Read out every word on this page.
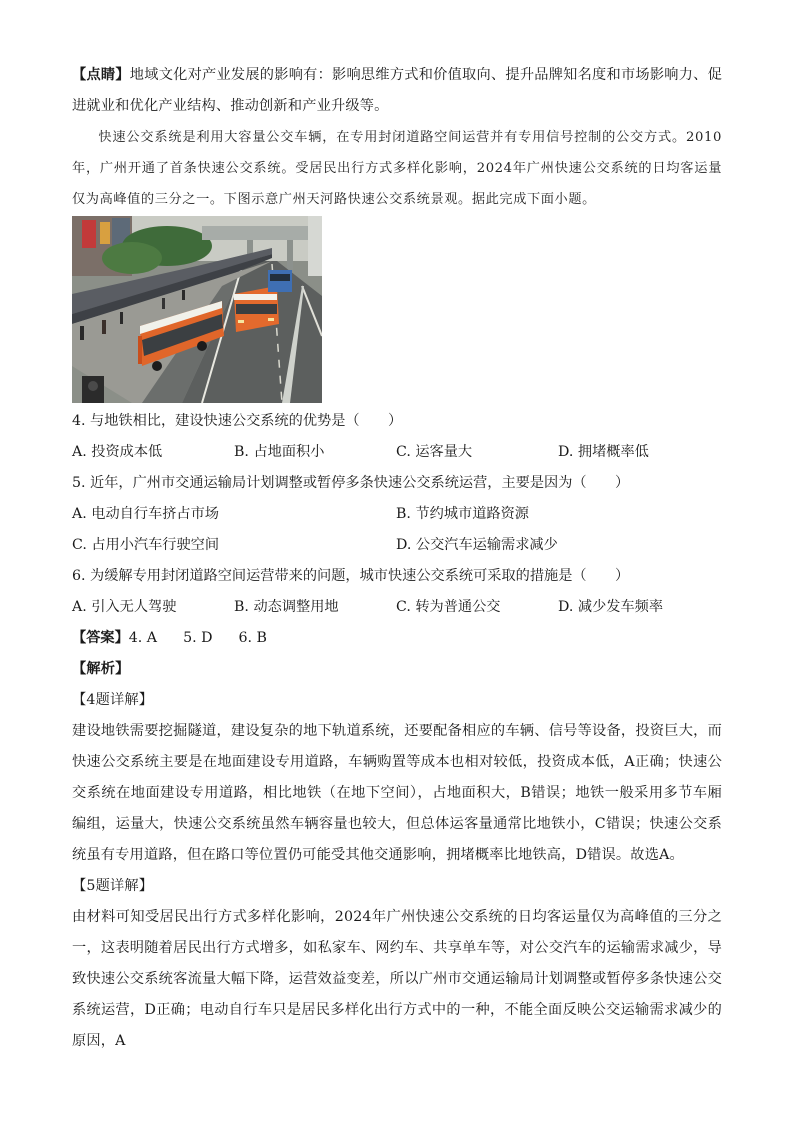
【点睛】地域文化对产业发展的影响有：影响思维方式和价值取向、提升品牌知名度和市场影响力、促进就业和优化产业结构、推动创新和产业升级等。

快速公交系统是利用大容量公交车辆，在专用封闭道路空间运营并有专用信号控制的公交方式。2010年，广州开通了首条快速公交系统。受居民出行方式多样化影响，2024年广州快速公交系统的日均客运量仅为高峰值的三分之一。下图示意广州天河路快速公交系统景观。据此完成下面小题。

4. 与地铁相比，建设快速公交系统的优势是（　　）

A. 投资成本低	B. 占地面积小	C. 运客量大	D. 拥堵概率低

5. 近年，广州市交通运输局计划调整或暂停多条快速公交系统运营，主要是因为（　　）

A. 电动自行车挤占市场	B. 节约城市道路资源
C. 占用小汽车行驶空间	D. 公交汽车运输需求减少

6. 为缓解专用封闭道路空间运营带来的问题，城市快速公交系统可采取的措施是（　　）

A. 引入无人驾驶	B. 动态调整用地	C. 转为普通公交	D. 减少发车频率
【答案】 4. A 5. D 6. B

【解析】

【4题详解】

建设地铁需要挖掘隧道，建设复杂的地下轨道系统，还要配备相应的车辆、信号等设备，投资巨大，而快速公交系统主要是在地面建设专用道路，车辆购置等成本也相对较低，投资成本低，A正确；快速公交系统在地面建设专用道路，相比地铁（在地下空间），占地面积大，B错误；地铁一般采用多节车厢编组，运量大，快速公交系统虽然车辆容量也较大，但总体运客量通常比地铁小，C错误；快速公交系统虽有专用道路，但在路口等位置仍可能受其他交通影响，拥堵概率比地铁高，D错误。故选A。

【5题详解】

由材料可知受居民出行方式多样化影响，2024年广州快速公交系统的日均客运量仅为高峰值的三分之一，这表明随着居民出行方式增多，如私家车、网约车、共享单车等，对公交汽车的运输需求减少，导致快速公交系统客流量大幅下降，运营效益变差，所以广州市交通运输局计划调整或暂停多条快速公交系统运营，D正确；电动自行车只是居民多样化出行方式中的一种，不能全面反映公交运输需求减少的原因，A
